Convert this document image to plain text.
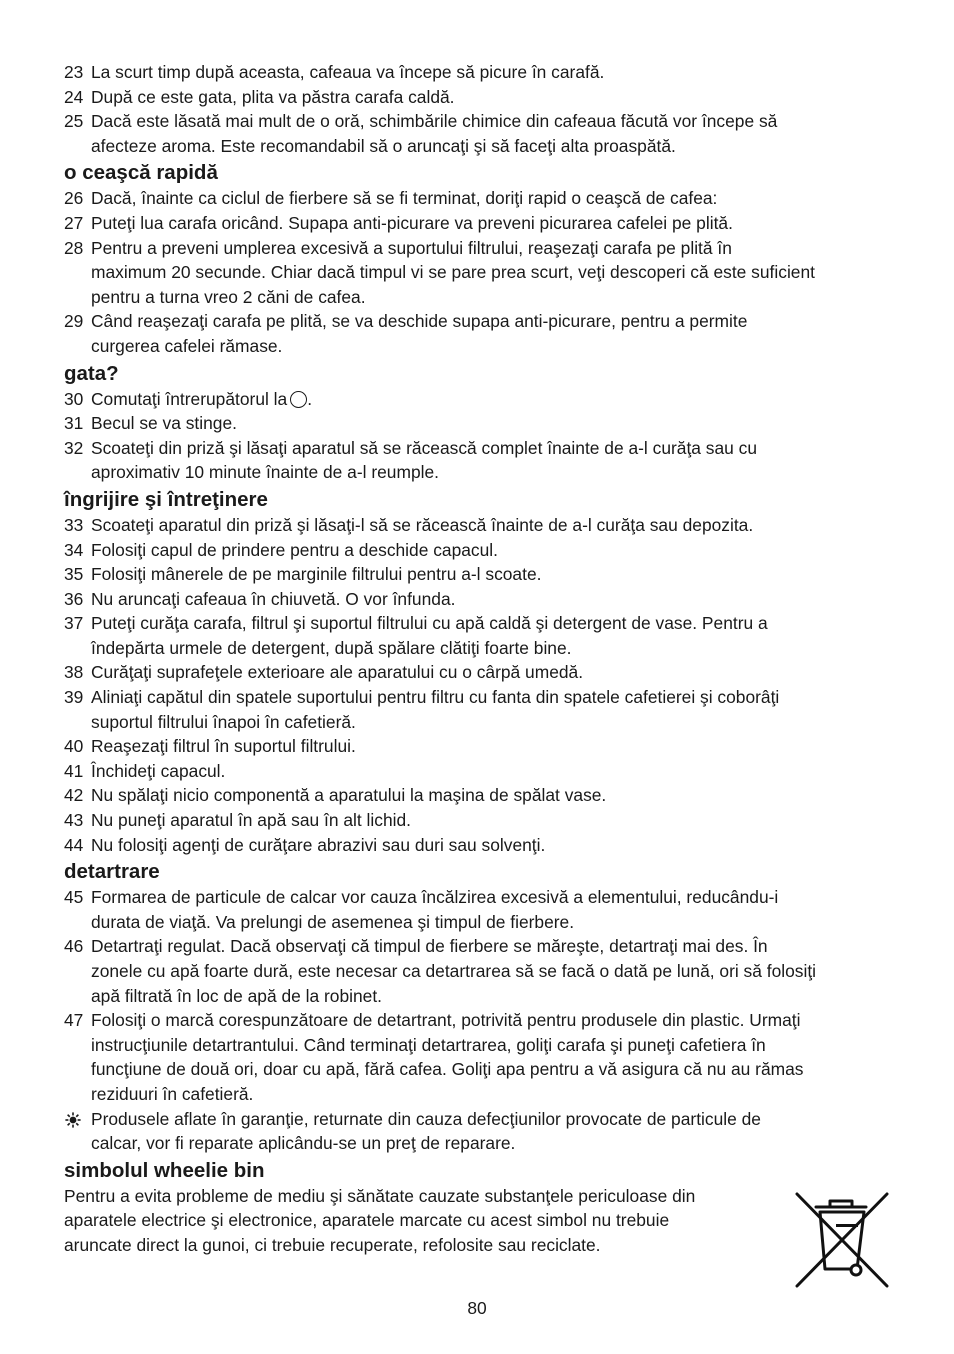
23 La scurt timp după aceasta, cafeaua va începe să picure în carafă.
24 După ce este gata, plita va păstra carafa caldă.
25 Dacă este lăsată mai mult de o oră, schimbările chimice din cafeaua făcută vor începe să
afecteze aroma. Este recomandabil să o aruncaţi şi să faceţi alta proaspătă.
o ceaşcă rapidă
26 Dacă, înainte ca ciclul de fierbere să se fi terminat, doriţi rapid o ceaşcă de cafea:
27 Puteţi lua carafa oricând. Supapa anti-picurare va preveni picurarea cafelei pe plită.
28 Pentru a preveni umplerea excesivă a suportului filtrului, reaşezaţi carafa pe plită în
maximum 20 secunde. Chiar dacă timpul vi se pare prea scurt, veţi descoperi că este suficient
pentru a turna vreo 2 căni de cafea.
29 Când reaşezaţi carafa pe plită, se va deschide supapa anti-picurare, pentru a permite
curgerea cafelei rămase.
gata?
30 Comutaţi întrerupătorul la .
31 Becul se va stinge.
32 Scoateţi din priză şi lăsaţi aparatul să se răcească complet înainte de a-l curăţa sau cu
aproximativ 10 minute înainte de a-l reumple.
îngrijire şi întreţinere
33 Scoateţi aparatul din priză şi lăsaţi-l să se răcească înainte de a-l curăţa sau depozita.
34 Folosiţi capul de prindere pentru a deschide capacul.
35 Folosiţi mânerele de pe marginile filtrului pentru a-l scoate.
36 Nu aruncaţi cafeaua în chiuvetă. O vor înfunda.
37 Puteţi curăţa carafa, filtrul şi suportul filtrului cu apă caldă şi detergent de vase. Pentru a
îndepărta urmele de detergent, după spălare clătiţi foarte bine.
38 Curăţaţi suprafeţele exterioare ale aparatului cu o cârpă umedă.
39 Aliniaţi capătul din spatele suportului pentru filtru cu fanta din spatele cafetierei şi coborâţi
suportul filtrului înapoi în cafetieră.
40 Reaşezaţi filtrul în suportul filtrului.
41 Închideţi capacul.
42 Nu spălaţi nicio componentă a aparatului la maşina de spălat vase.
43 Nu puneţi aparatul în apă sau în alt lichid.
44 Nu folosiţi agenţi de curăţare abrazivi sau duri sau solvenţi.
detartrare
45 Formarea de particule de calcar vor cauza încălzirea excesivă a elementului, reducându-i
durata de viaţă. Va prelungi de asemenea şi timpul de fierbere.
46 Detartraţi regulat. Dacă observaţi că timpul de fierbere se măreşte, detartraţi mai des. În
zonele cu apă foarte dură, este necesar ca detartrarea să se facă o dată pe lună, ori să folosiţi
apă filtrată în loc de apă de la robinet.
47 Folosiţi o marcă corespunzătoare de detartrant, potrivită pentru produsele din plastic. Urmaţi
instrucţiunile detartrantului. Când terminaţi detartrarea, goliţi carafa şi puneţi cafetiera în
funcţiune de două ori, doar cu apă, fără cafea. Goliţi apa pentru a vă asigura că nu au rămas
reziduuri în cafetieră.
Produsele aflate în garanţie, returnate din cauza defecţiunilor provocate de particule de
calcar, vor fi reparate aplicându-se un preţ de reparare.
simbolul wheelie bin
Pentru a evita probleme de mediu şi sănătate cauzate substanţele periculoase din
aparatele electrice şi electronice, aparatele marcate cu acest simbol nu trebuie
aruncate direct la gunoi, ci trebuie recuperate, refolosite sau reciclate.
80
